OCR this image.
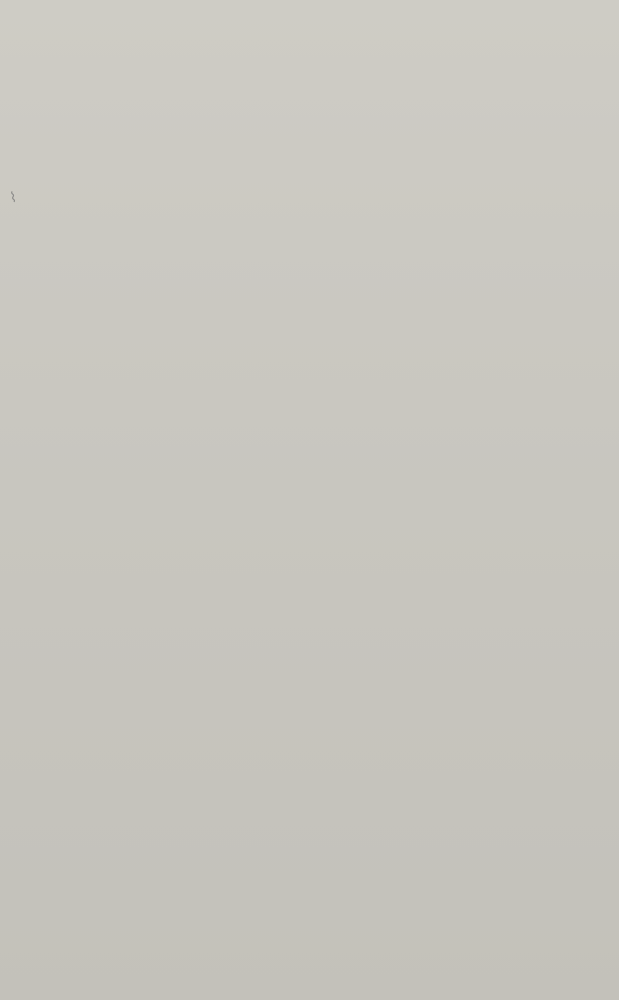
⌇
